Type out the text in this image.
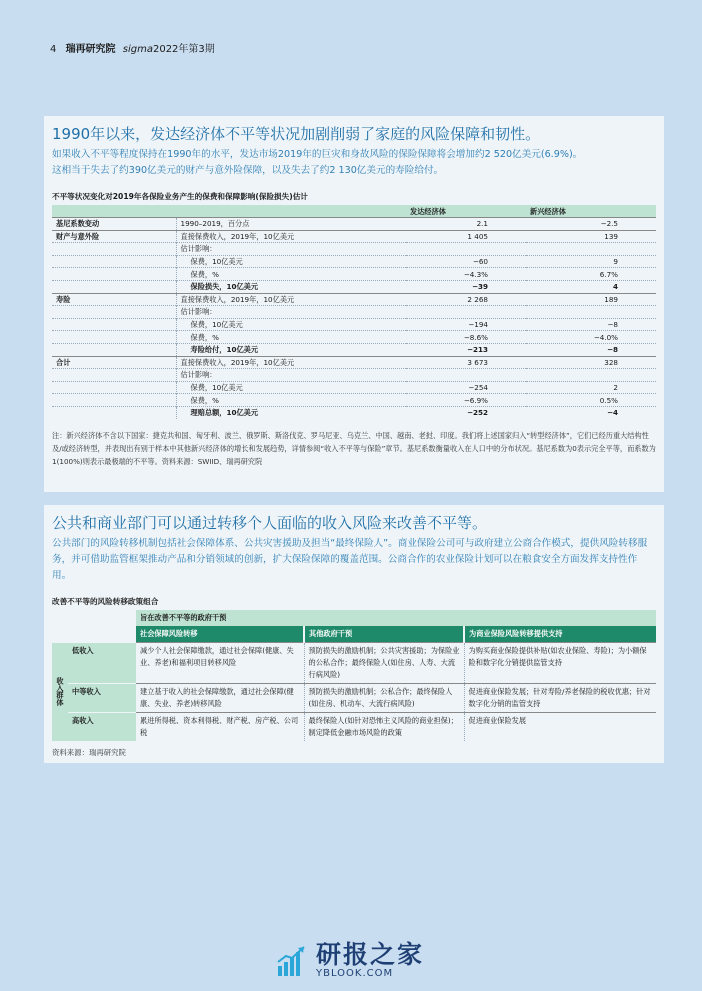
4 瑞再研究院 sigma2022年第3期
1990年以来，发达经济体不平等状况加剧削弱了家庭的风险保障和韧性。

如果收入不平等程度保持在1990年的水平，发达市场2019年的巨灾和身故风险的保险保障将会增加约2 520亿美元(6.9%)。

这相当于失去了约390亿美元的财产与意外险保障，以及失去了约2 130亿美元的寿险给付。

不平等状况变化对2019年各保险业务产生的保费和保障影响(保险损失)估计
		发达经济体	新兴经济体
基尼系数变动	1990–2019，百分点	2.1	−2.5
财产与意外险	直接保费收入，2019年，10亿美元	1 405	139
	估计影响：		
	保费，10亿美元	−60	9
	保费，%	−4.3%	6.7%
	保险损失，10亿美元	−39	4
寿险	直接保费收入，2019年，10亿美元	2 268	189
	估计影响：		
	保费，10亿美元	−194	−8
	保费，%	−8.6%	−4.0%
	寿险给付，10亿美元	−213	−8
合计	直接保费收入，2019年，10亿美元	3 673	328
	估计影响：		
	保费，10亿美元	−254	2
	保费，%	−6.9%	0.5%
	理赔总额，10亿美元	−252	−4
注：新兴经济体不含以下国家：捷克共和国、匈牙利、波兰、俄罗斯、斯洛伐克、罗马尼亚、乌克兰、中国、越南、老挝、印度。我们将上述国家归入“转型经济体”，它们已经历重大结构性及/或经济转型，并表现出有别于样本中其他新兴经济体的增长和发展趋势，详情参阅“收入不平等与保险”章节。基尼系数衡量收入在人口中的分布状况。基尼系数为0表示完全平等，而系数为1(100%)则表示最极端的不平等。资料来源：SWIID、瑞再研究院
公共和商业部门可以通过转移个人面临的收入风险来改善不平等。
公共部门的风险转移机制包括社会保障体系、公共灾害援助及担当“最终保险人”。商业保险公司可与政府建立公商合作模式，提供风险转移服务，并可借助监管框架推动产品和分销领域的创新，扩大保险保障的覆盖范围。公商合作的农业保险计划可以在粮食安全方面发挥支持性作用。
改善不平等的风险转移政策组合
		旨在改善不平等的政府干预		
		社会保障风险转移	其他政府干预	为商业保险风险转移提供支持
收入群体	低收入	减少个人社会保障缴款，通过社会保障(健康、失业、养老)和福利项目转移风险	预防损失的激励机制；公共灾害援助；为保险业的公私合作；最终保险人(如住房、人寿、大流行病风险)	为购买商业保险提供补贴(如农业保险、寿险)；为小额保险和数字化分销提供监管支持
	中等收入	建立基于收入的社会保障缴款，通过社会保障(健康、失业、养老)转移风险	预防损失的激励机制；公私合作；最终保险人(如住房、机动车、大流行病风险)	促进商业保险发展；针对寿险/养老保险的税收优惠；针对数字化分销的监管支持
	高收入	累进所得税、资本利得税、财产税、房产税、公司税	最终保险人(如针对恐怖主义风险的商业担保)；制定降低金融市场风险的政策	促进商业保险发展
资料来源：瑞再研究院
研报之家
YBLOOK.COM
